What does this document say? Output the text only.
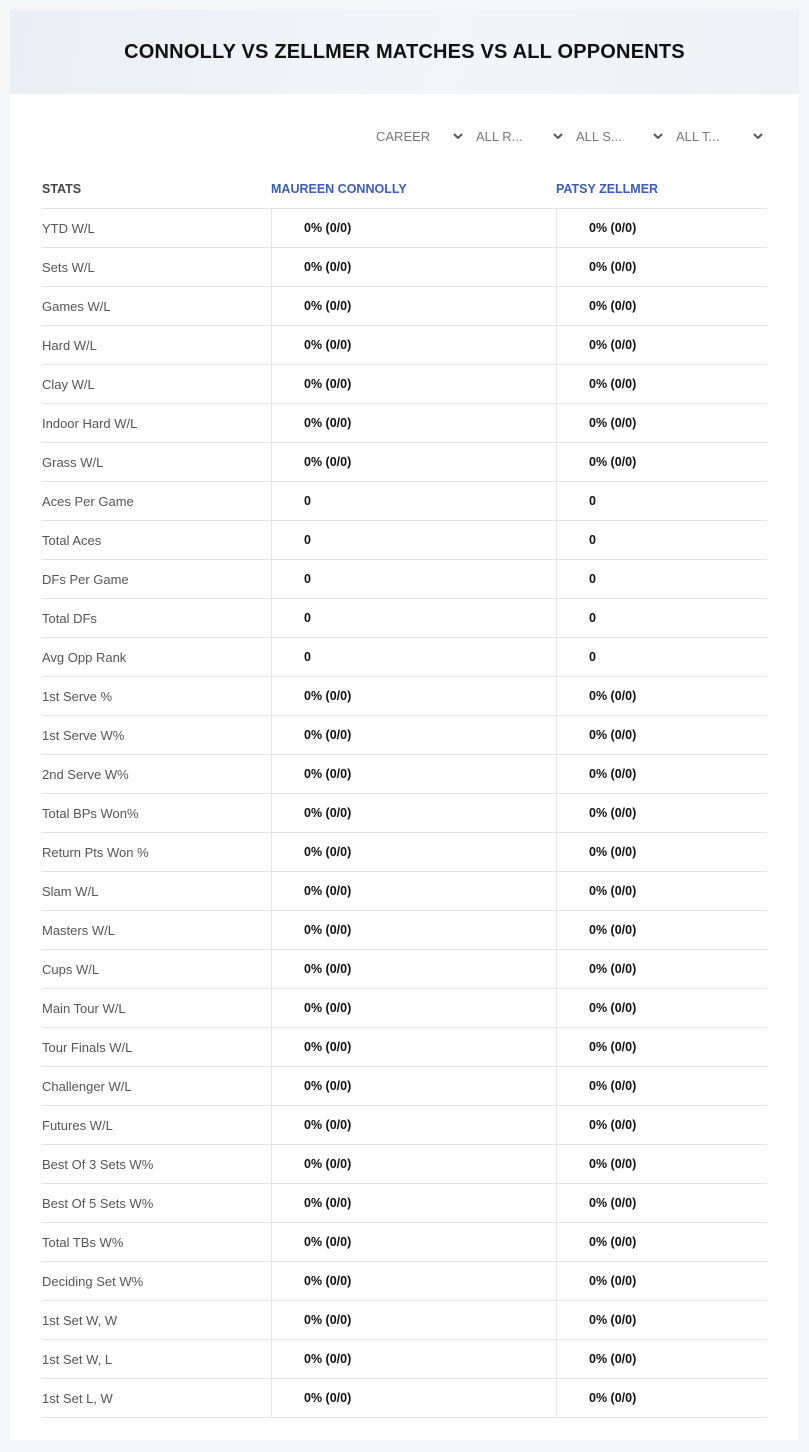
CONNOLLY VS ZELLMER MATCHES VS ALL OPPONENTS
CAREER	ALL R...	ALL S...	ALL T...
STATS	MAUREEN CONNOLLY	PATSY ZELLMER
YTD W/L	0% (0/0)	0% (0/0)
Sets W/L	0% (0/0)	0% (0/0)
Games W/L	0% (0/0)	0% (0/0)
Hard W/L	0% (0/0)	0% (0/0)
Clay W/L	0% (0/0)	0% (0/0)
Indoor Hard W/L	0% (0/0)	0% (0/0)
Grass W/L	0% (0/0)	0% (0/0)
Aces Per Game	0	0
Total Aces	0	0
DFs Per Game	0	0
Total DFs	0	0
Avg Opp Rank	0	0
1st Serve %	0% (0/0)	0% (0/0)
1st Serve W%	0% (0/0)	0% (0/0)
2nd Serve W%	0% (0/0)	0% (0/0)
Total BPs Won%	0% (0/0)	0% (0/0)
Return Pts Won %	0% (0/0)	0% (0/0)
Slam W/L	0% (0/0)	0% (0/0)
Masters W/L	0% (0/0)	0% (0/0)
Cups W/L	0% (0/0)	0% (0/0)
Main Tour W/L	0% (0/0)	0% (0/0)
Tour Finals W/L	0% (0/0)	0% (0/0)
Challenger W/L	0% (0/0)	0% (0/0)
Futures W/L	0% (0/0)	0% (0/0)
Best Of 3 Sets W%	0% (0/0)	0% (0/0)
Best Of 5 Sets W%	0% (0/0)	0% (0/0)
Total TBs W%	0% (0/0)	0% (0/0)
Deciding Set W%	0% (0/0)	0% (0/0)
1st Set W, W	0% (0/0)	0% (0/0)
1st Set W, L	0% (0/0)	0% (0/0)
1st Set L, W	0% (0/0)	0% (0/0)
